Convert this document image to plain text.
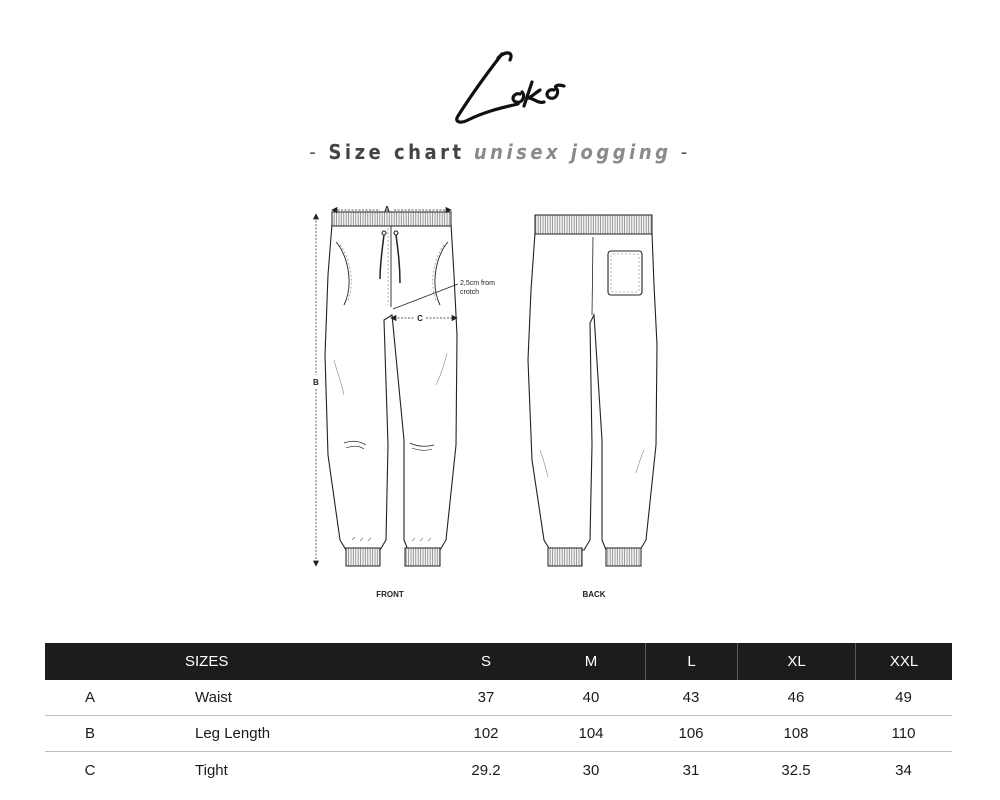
- Size chart unisex jogging -
A
B
C
2,5cm from
crotch
FRONT	BACK
SIZES	S	M	L	XL	XXL
A	Waist	37	40	43	46	49
B	Leg Length	102	104	106	108	110
C	Tight	29.2	30	31	32.5	34
